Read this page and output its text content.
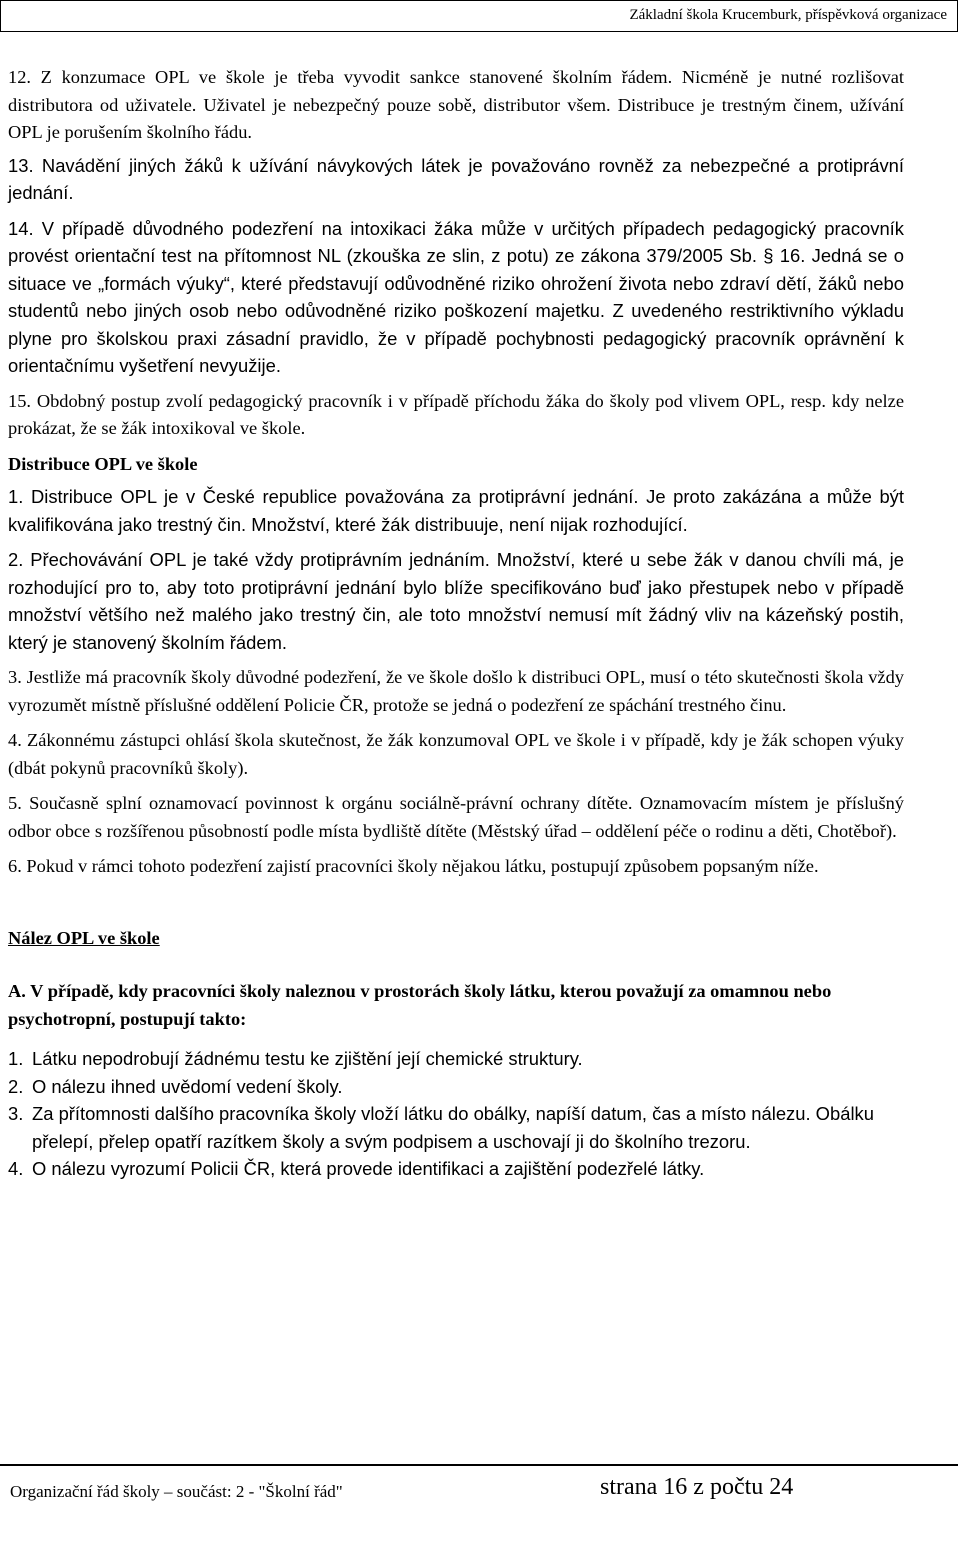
Základní škola Krucemburk, příspěvková organizace

12. Z konzumace OPL ve škole je třeba vyvodit sankce stanovené školním řádem. Nicméně je nutné rozlišovat distributora od uživatele. Uživatel je nebezpečný pouze sobě, distributor všem. Distribuce je trestným činem, užívání OPL je porušením školního řádu.

13. Navádění jiných žáků k užívání návykových látek je považováno rovněž za nebezpečné a protiprávní jednání.

14. V případě důvodného podezření na intoxikaci žáka může v určitých případech pedagogický pracovník provést orientační test na přítomnost NL (zkouška ze slin, z potu) ze zákona 379/2005 Sb. § 16. Jedná se o situace ve „formách výuky“, které představují odůvodněné riziko ohrožení života nebo zdraví dětí, žáků nebo studentů nebo jiných osob nebo odůvodněné riziko poškození majetku. Z uvedeného restriktivního výkladu plyne pro školskou praxi zásadní pravidlo, že v případě pochybnosti pedagogický pracovník oprávnění k orientačnímu vyšetření nevyužije.

15. Obdobný postup zvolí pedagogický pracovník i v případě příchodu žáka do školy pod vlivem OPL, resp. kdy nelze prokázat, že se žák intoxikoval ve škole.

Distribuce OPL ve škole

1. Distribuce OPL je v České republice považována za protiprávní jednání. Je proto zakázána a může být kvalifikována jako trestný čin. Množství, které žák distribuuje, není nijak rozhodující.

2. Přechovávání OPL je také vždy protiprávním jednáním. Množství, které u sebe žák v danou chvíli má, je rozhodující pro to, aby toto protiprávní jednání bylo blíže specifikováno buď jako přestupek nebo v případě množství většího než malého jako trestný čin, ale toto množství nemusí mít žádný vliv na kázeňský postih, který je stanovený školním řádem.

3. Jestliže má pracovník školy důvodné podezření, že ve škole došlo k distribuci OPL, musí o této skutečnosti škola vždy vyrozumět místně příslušné oddělení Policie ČR, protože se jedná o podezření ze spáchání trestného činu.

4. Zákonnému zástupci ohlásí škola skutečnost, že žák konzumoval OPL ve škole i v případě, kdy je žák schopen výuky (dbát pokynů pracovníků školy).

5. Současně splní oznamovací povinnost k orgánu sociálně-právní ochrany dítěte. Oznamovacím místem je příslušný odbor obce s rozšířenou působností podle místa bydliště dítěte (Městský úřad – oddělení péče o rodinu a děti, Chotěboř).

6. Pokud v rámci tohoto podezření zajistí pracovníci školy nějakou látku, postupují způsobem popsaným níže.

Nález OPL ve škole

A. V případě, kdy pracovníci školy naleznou v prostorách školy látku, kterou považují za omamnou nebo psychotropní, postupují takto:

1. Látku nepodrobují žádnému testu ke zjištění její chemické struktury.
2. O nálezu ihned uvědomí vedení školy.
3. Za přítomnosti dalšího pracovníka školy vloží látku do obálky, napíší datum, čas a místo nálezu. Obálku přelepí, přelep opatří razítkem školy a svým podpisem a uschovají ji do školního trezoru.
4. O nálezu vyrozumí Policii ČR, která provede identifikaci a zajištění podezřelé látky.
Organizační řád školy – součást: 2 - "Školní řád"	strana 16 z počtu 24
